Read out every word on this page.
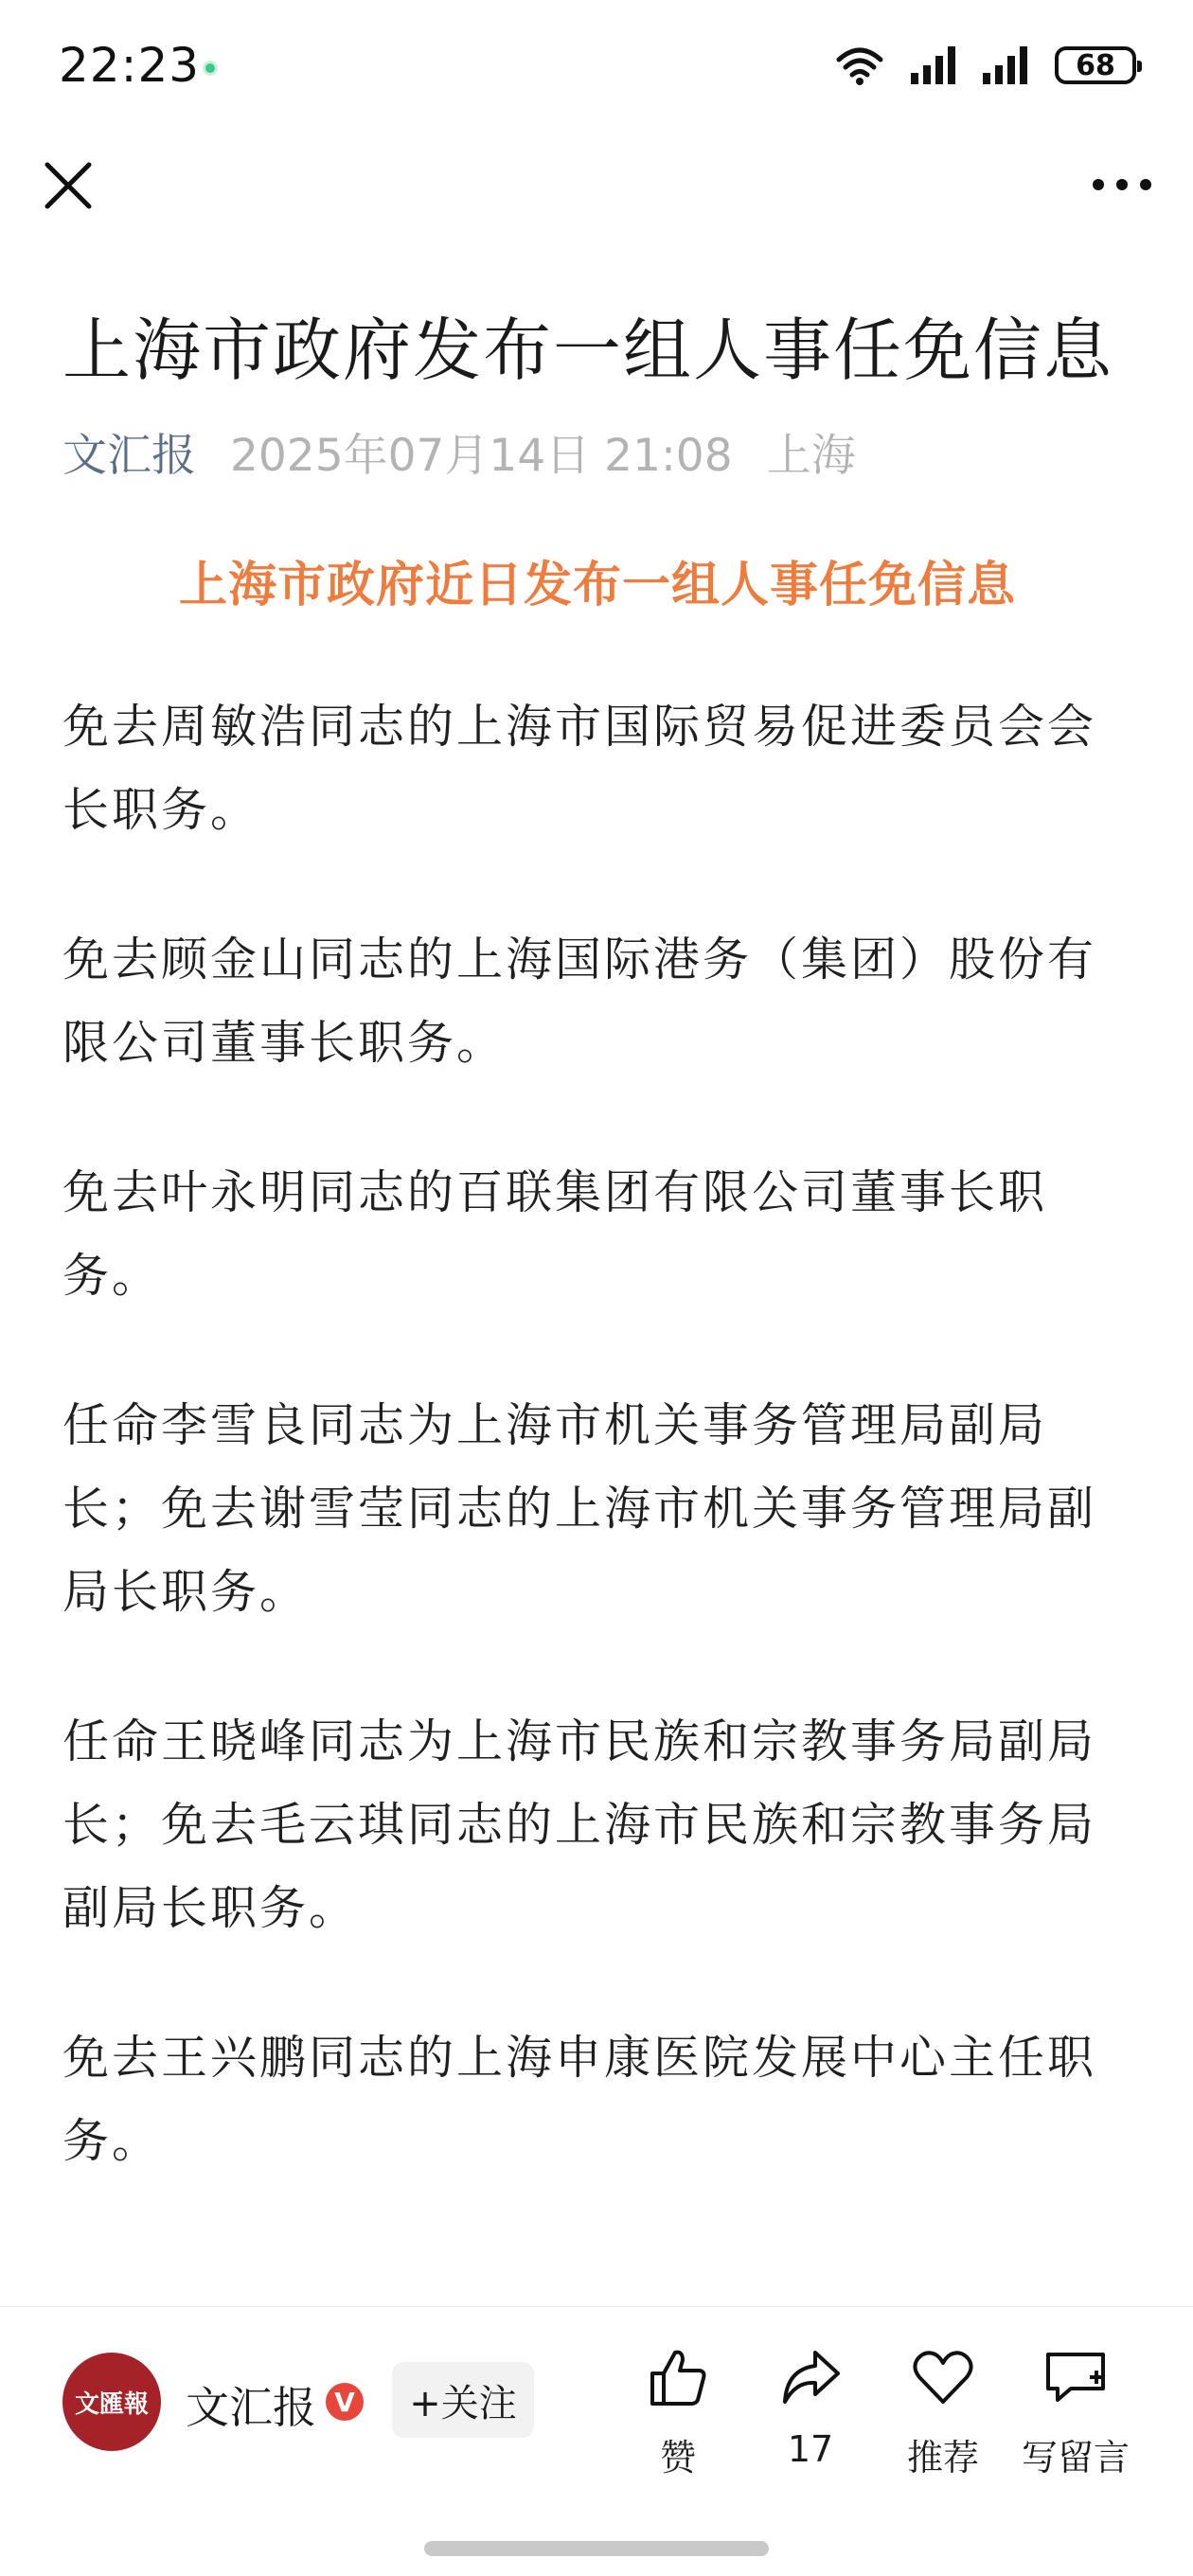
22:23	68
上海市政府发布一组人事任免信息
文汇报 2025年07月14日 21:08 上海
上海市政府近日发布一组人事任免信息

免去周敏浩同志的上海市国际贸易促进委员会会长职务。

免去顾金山同志的上海国际港务（集团）股份有限公司董事长职务。

免去叶永明同志的百联集团有限公司董事长职务。

任命李雪良同志为上海市机关事务管理局副局长；免去谢雪莹同志的上海市机关事务管理局副局长职务。

任命王晓峰同志为上海市民族和宗教事务局副局长；免去毛云琪同志的上海市民族和宗教事务局副局长职务。

免去王兴鹏同志的上海申康医院发展中心主任职务。

文匯報 文汇报 V	+关注
赞	17	推荐	写留言
